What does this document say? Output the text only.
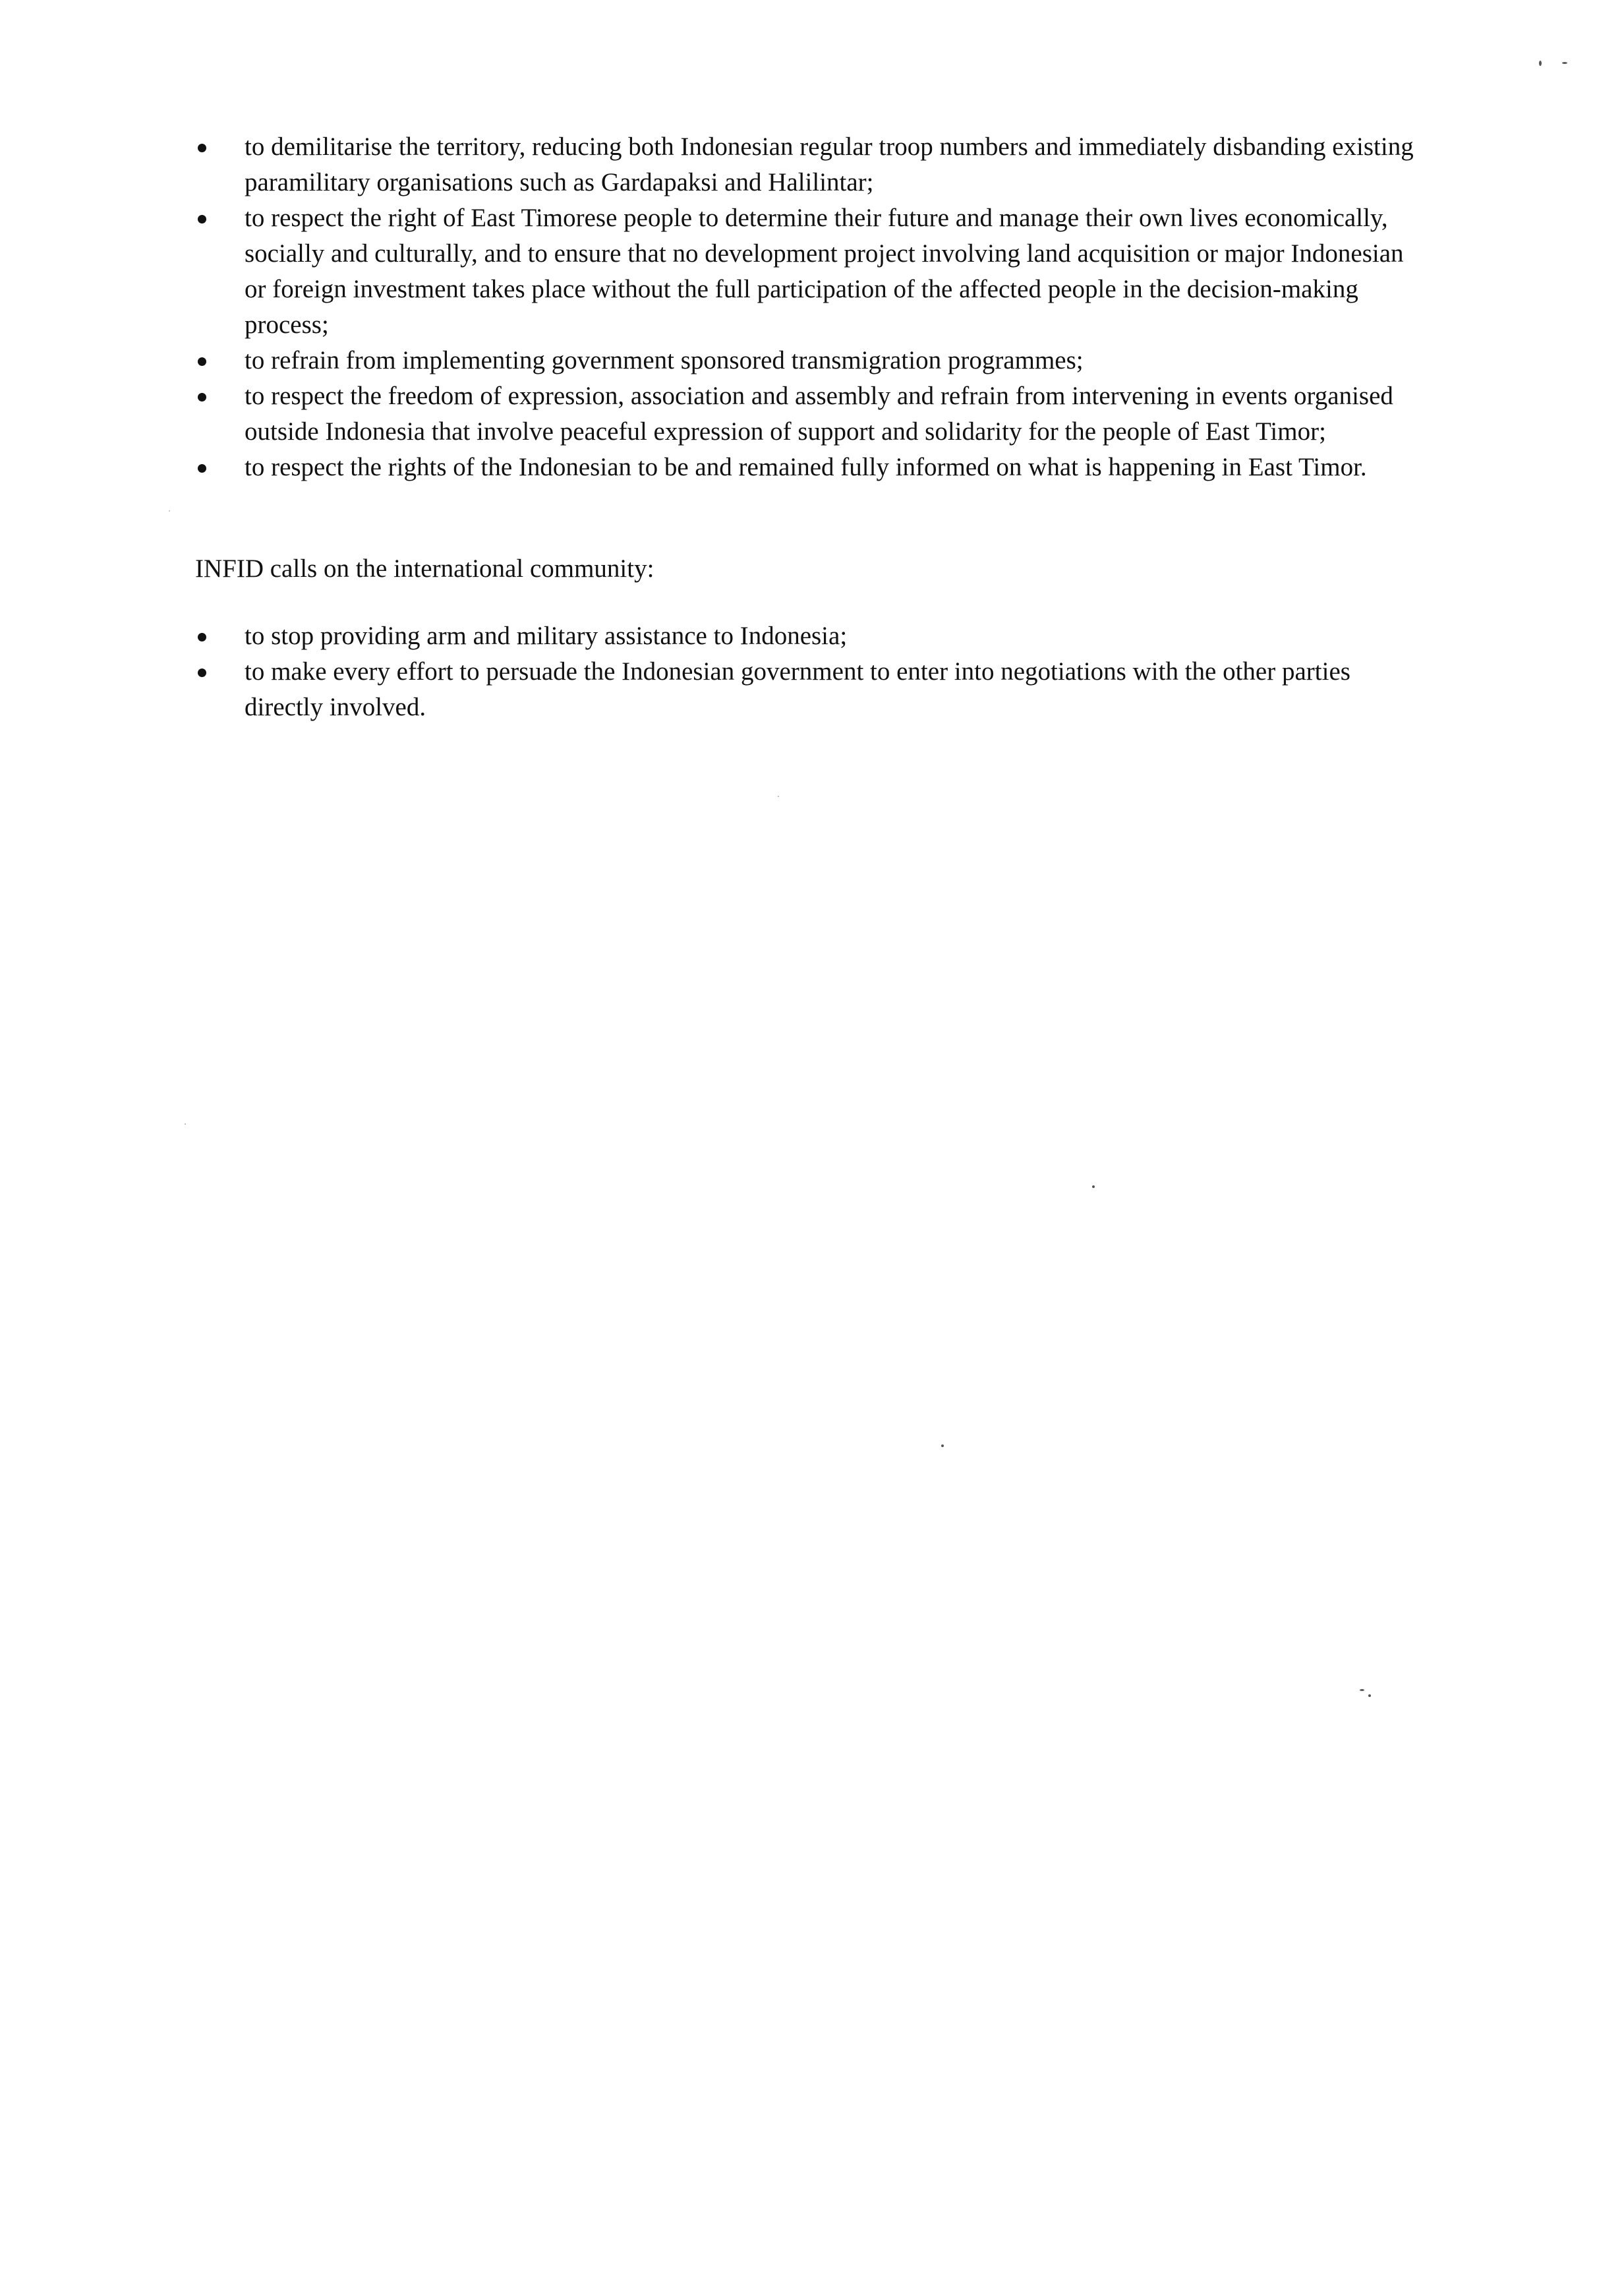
to demilitarise the territory, reducing both Indonesian regular troop numbers and immediately disbanding existing paramilitary organisations such as Gardapaksi and Halilintar;
to respect the right of East Timorese people to determine their future and manage their own lives economically, socially and culturally, and to ensure that no development project involving land acquisition or major Indonesian or foreign investment takes place without the full participation of the affected people in the decision-making process;
to refrain from implementing government sponsored transmigration programmes;
to respect the freedom of expression, association and assembly and refrain from intervening in events organised outside Indonesia that involve peaceful expression of support and solidarity for the people of East Timor;
to respect the rights of the Indonesian to be and remained fully informed on what is happening in East Timor.

INFID calls on the international community:

to stop providing arm and military assistance to Indonesia;
to make every effort to persuade the Indonesian government to enter into negotiations with the other parties directly involved.
